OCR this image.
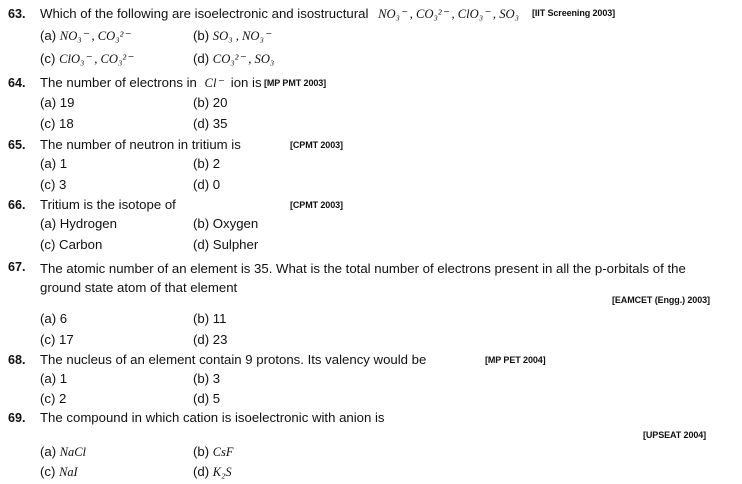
63. Which of the following are isoelectronic and isostructural NO₃⁻ , CO₃²⁻ , ClO₃⁻ , SO₃ [IIT Screening 2003]
(a) NO₃⁻ , CO₃²⁻	(b) SO₃ , NO₃⁻
(c) ClO₃⁻ , CO₃²⁻	(d) CO₃²⁻ , SO₃
64. The number of electrons in Cl⁻ ion is [MP PMT 2003]
(a) 19	(b) 20
(c) 18	(d) 35
65. The number of neutron in tritium is	[CPMT 2003]
(a) 1	(b) 2
(c) 3	(d) 0
66. Tritium is the isotope of	[CPMT 2003]
(a) Hydrogen	(b) Oxygen
(c) Carbon	(d) Sulpher
67. The atomic number of an element is 35. What is the total number of electrons present in all the p-orbitals of the ground state atom of that element
[EAMCET (Engg.) 2003]
(a) 6	(b) 11
(c) 17	(d) 23
68. The nucleus of an element contain 9 protons. Its valency would be	[MP PET 2004]
(a) 1	(b) 3
(c) 2	(d) 5
69. The compound in which cation is isoelectronic with anion is
[UPSEAT 2004]
(a) NaCl	(b) CsF
(c) NaI	(d) K₂S
